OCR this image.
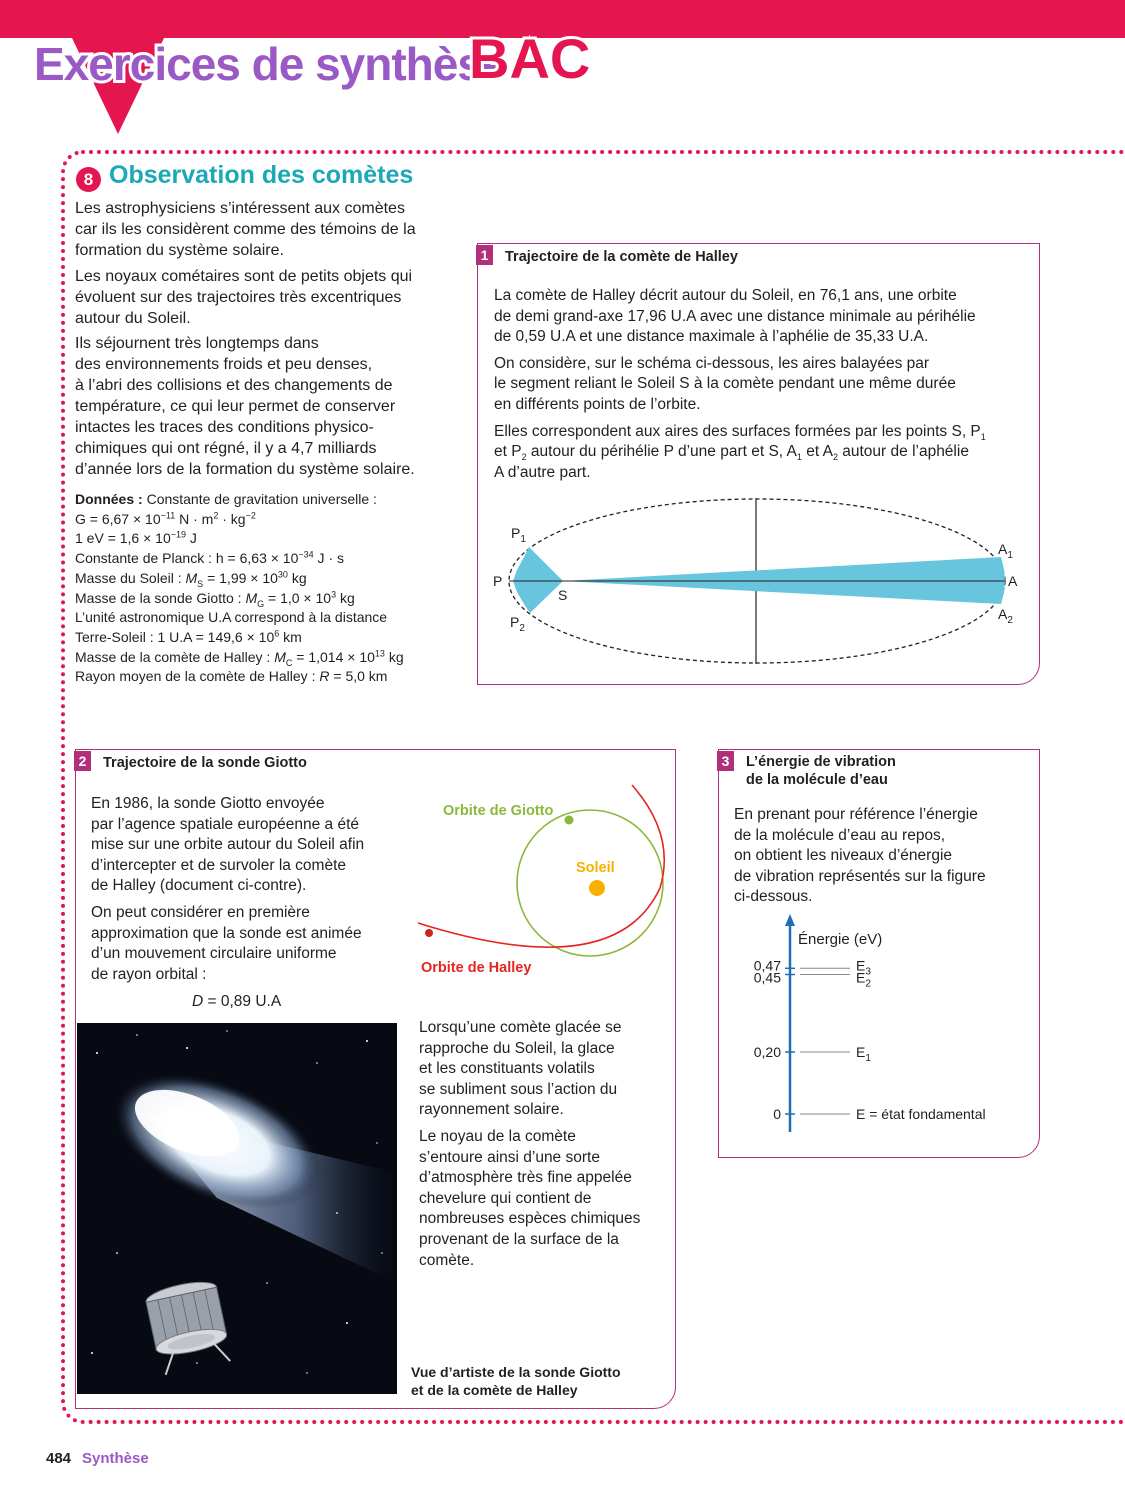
Exercices de synthèse
BAC
8 Observation des comètes
Les astrophysiciens s’intéressent aux comètes
car ils les considèrent comme des témoins de la
formation du système solaire.
Les noyaux cométaires sont de petits objets qui
évoluent sur des trajectoires très excentriques
autour du Soleil.
Ils séjournent très longtemps dans
des environnements froids et peu denses,
à l’abri des collisions et des changements de
température, ce qui leur permet de conserver
intactes les traces des conditions physico-
chimiques qui ont régné, il y a 4,7 milliards
d’année lors de la formation du système solaire.
Données : Constante de gravitation universelle :
$G = 6,67 \times 10^{-11}$ $N \cdot m^2 \cdot kg^{-2}$
1 eV = $1,6 \times 10^{-19}$ J
Constante de Planck : $h = 6,63 \times 10^{-34}$ J · s
Masse du Soleil : $M_S = 1,99 \times 10^{30}$ kg
Masse de la sonde Giotto : $M_G = 1,0 \times 10^3$ kg
L’unité astronomique U.A correspond à la distance
Terre-Soleil : 1 $U.A = 149,6 \times 10^6$ km
Masse de la comète de Halley : $M_C = 1,014 \times 10^{13}$ kg
Rayon moyen de la comète de Halley : R = 5,0 km
1	Trajectoire de la comète de Halley

La comète de Halley décrit autour du Soleil, en 76,1 ans, une orbite
de demi grand-axe 17,96 U.A avec une distance minimale au périhélie
de 0,59 U.A et une distance maximale à l’aphélie de 35,33 U.A.

On considère, sur le schéma ci-dessous, les aires balayées par
le segment reliant le Soleil S à la comète pendant une même durée
en différents points de l’orbite.

Elles correspondent aux aires des surfaces formées par les points S, $P_1$
et $P_2$ autour du périhélie P d’une part et S, $A_1$ et $A_2$ autour de l’aphélie
A d’autre part.

$P_1$
P
$P_2$
S
$A_1$
A
$A_2$
2	Trajectoire de la sonde Giotto

En 1986, la sonde Giotto envoyée
par l’agence spatiale européenne a été
mise sur une orbite autour du Soleil afin
d’intercepter et de survoler la comète
de Halley (document ci-contre).

On peut considérer en première
approximation que la sonde est animée
d’un mouvement circulaire uniforme
de rayon orbital :

D = 0,89 U.A
Orbite de Giotto
Soleil
Orbite de Halley

Lorsqu’une comète glacée se
rapproche du Soleil, la glace
et les constituants volatils
se subliment sous l’action du
rayonnement solaire.

Le noyau de la comète
s’entoure ainsi d’une sorte
d’atmosphère très fine appelée
chevelure qui contient de
nombreuses espèces chimiques
provenant de la surface de la
comète.

Vue d’artiste de la sonde Giotto
et de la comète de Halley
3	L’énergie de vibration
de la molécule d’eau

En prenant pour référence l’énergie
de la molécule d’eau au repos,
on obtient les niveaux d’énergie
de vibration représentés sur la figure
ci-dessous.

Énergie (eV)
0,47	$E_3$
0,45	$E_2$
0,20	$E_1$
0	E = état fondamental
484 Synthèse
